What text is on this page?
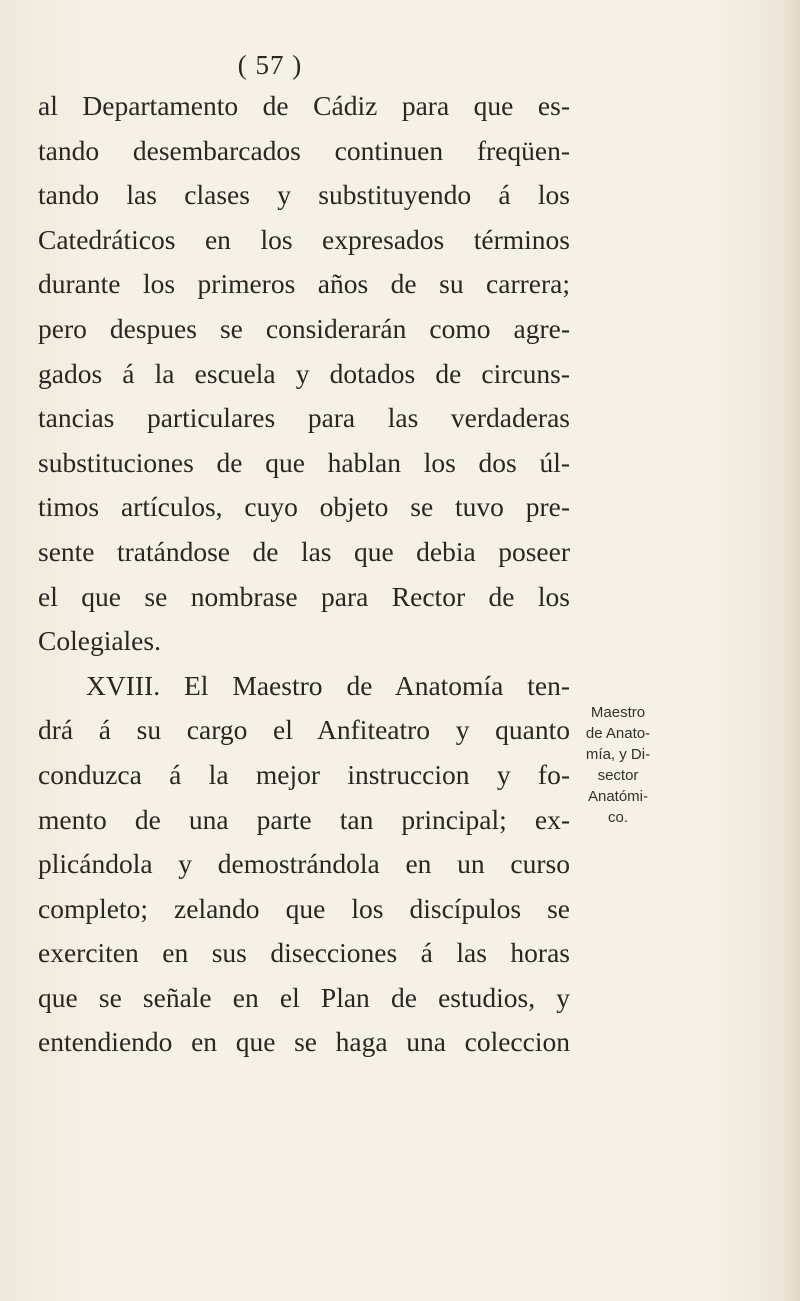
( 57 )
al Departamento de Cádiz para que es-
tando desembarcados continuen freqüen-
tando las clases y substituyendo á los
Catedráticos en los expresados términos
durante los primeros años de su carrera;
pero despues se considerarán como agre-
gados á la escuela y dotados de circuns-
tancias particulares para las verdaderas
substituciones de que hablan los dos úl-
timos artículos, cuyo objeto se tuvo pre-
sente tratándose de las que debia poseer
el que se nombrase para Rector de los
Colegiales.
XVIII. El Maestro de Anatomía ten-
drá á su cargo el Anfiteatro y quanto
conduzca á la mejor instruccion y fo-
mento de una parte tan principal; ex-
plicándola y demostrándola en un curso
completo; zelando que los discípulos se
exerciten en sus disecciones á las horas
que se señale en el Plan de estudios, y
entendiendo en que se haga una coleccion
Maestro
de Anato-
mía, y Di-
sector
Anatómi-
co.
